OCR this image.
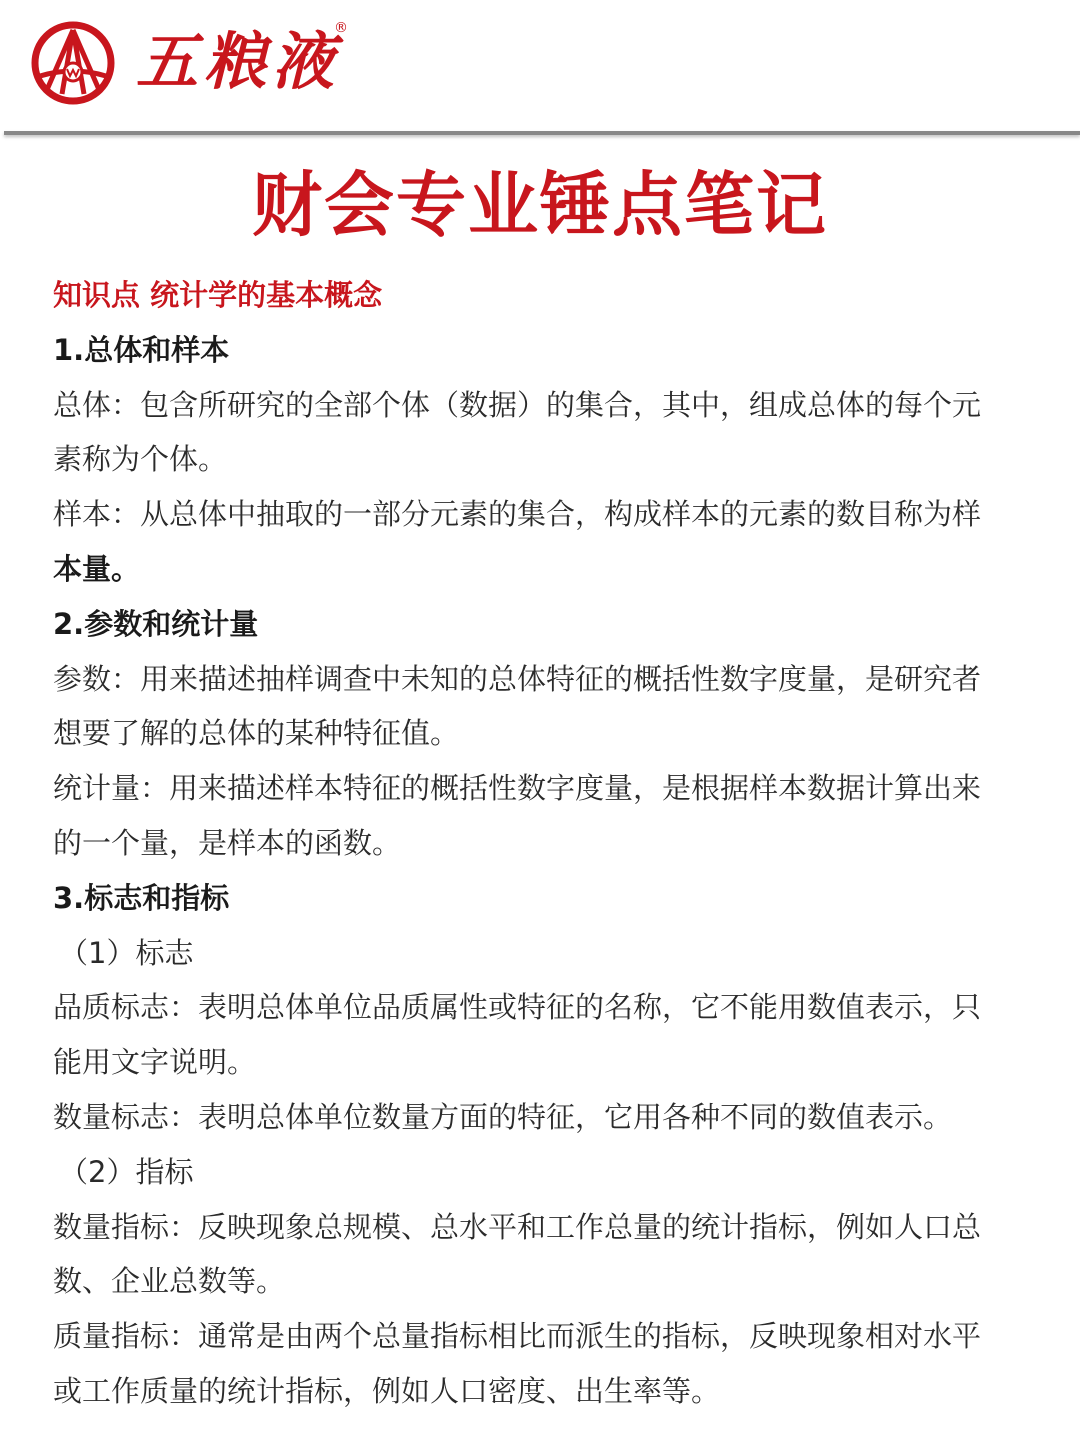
五粮液
®
财会专业锤点笔记
知识点 统计学的基本概念
1.总体和样本
总体：包含所研究的全部个体（数据）的集合，其中，组成总体的每个元
素称为个体。
样本：从总体中抽取的一部分元素的集合，构成样本的元素的数目称为样
本量。
2.参数和统计量
参数：用来描述抽样调查中未知的总体特征的概括性数字度量，是研究者
想要了解的总体的某种特征值。
统计量：用来描述样本特征的概括性数字度量，是根据样本数据计算出来
的一个量，是样本的函数。
3.标志和指标
（1）标志
品质标志：表明总体单位品质属性或特征的名称，它不能用数值表示，只
能用文字说明。
数量标志：表明总体单位数量方面的特征，它用各种不同的数值表示。
（2）指标
数量指标：反映现象总规模、总水平和工作总量的统计指标，例如人口总
数、企业总数等。
质量指标：通常是由两个总量指标相比而派生的指标，反映现象相对水平
或工作质量的统计指标，例如人口密度、出生率等。
